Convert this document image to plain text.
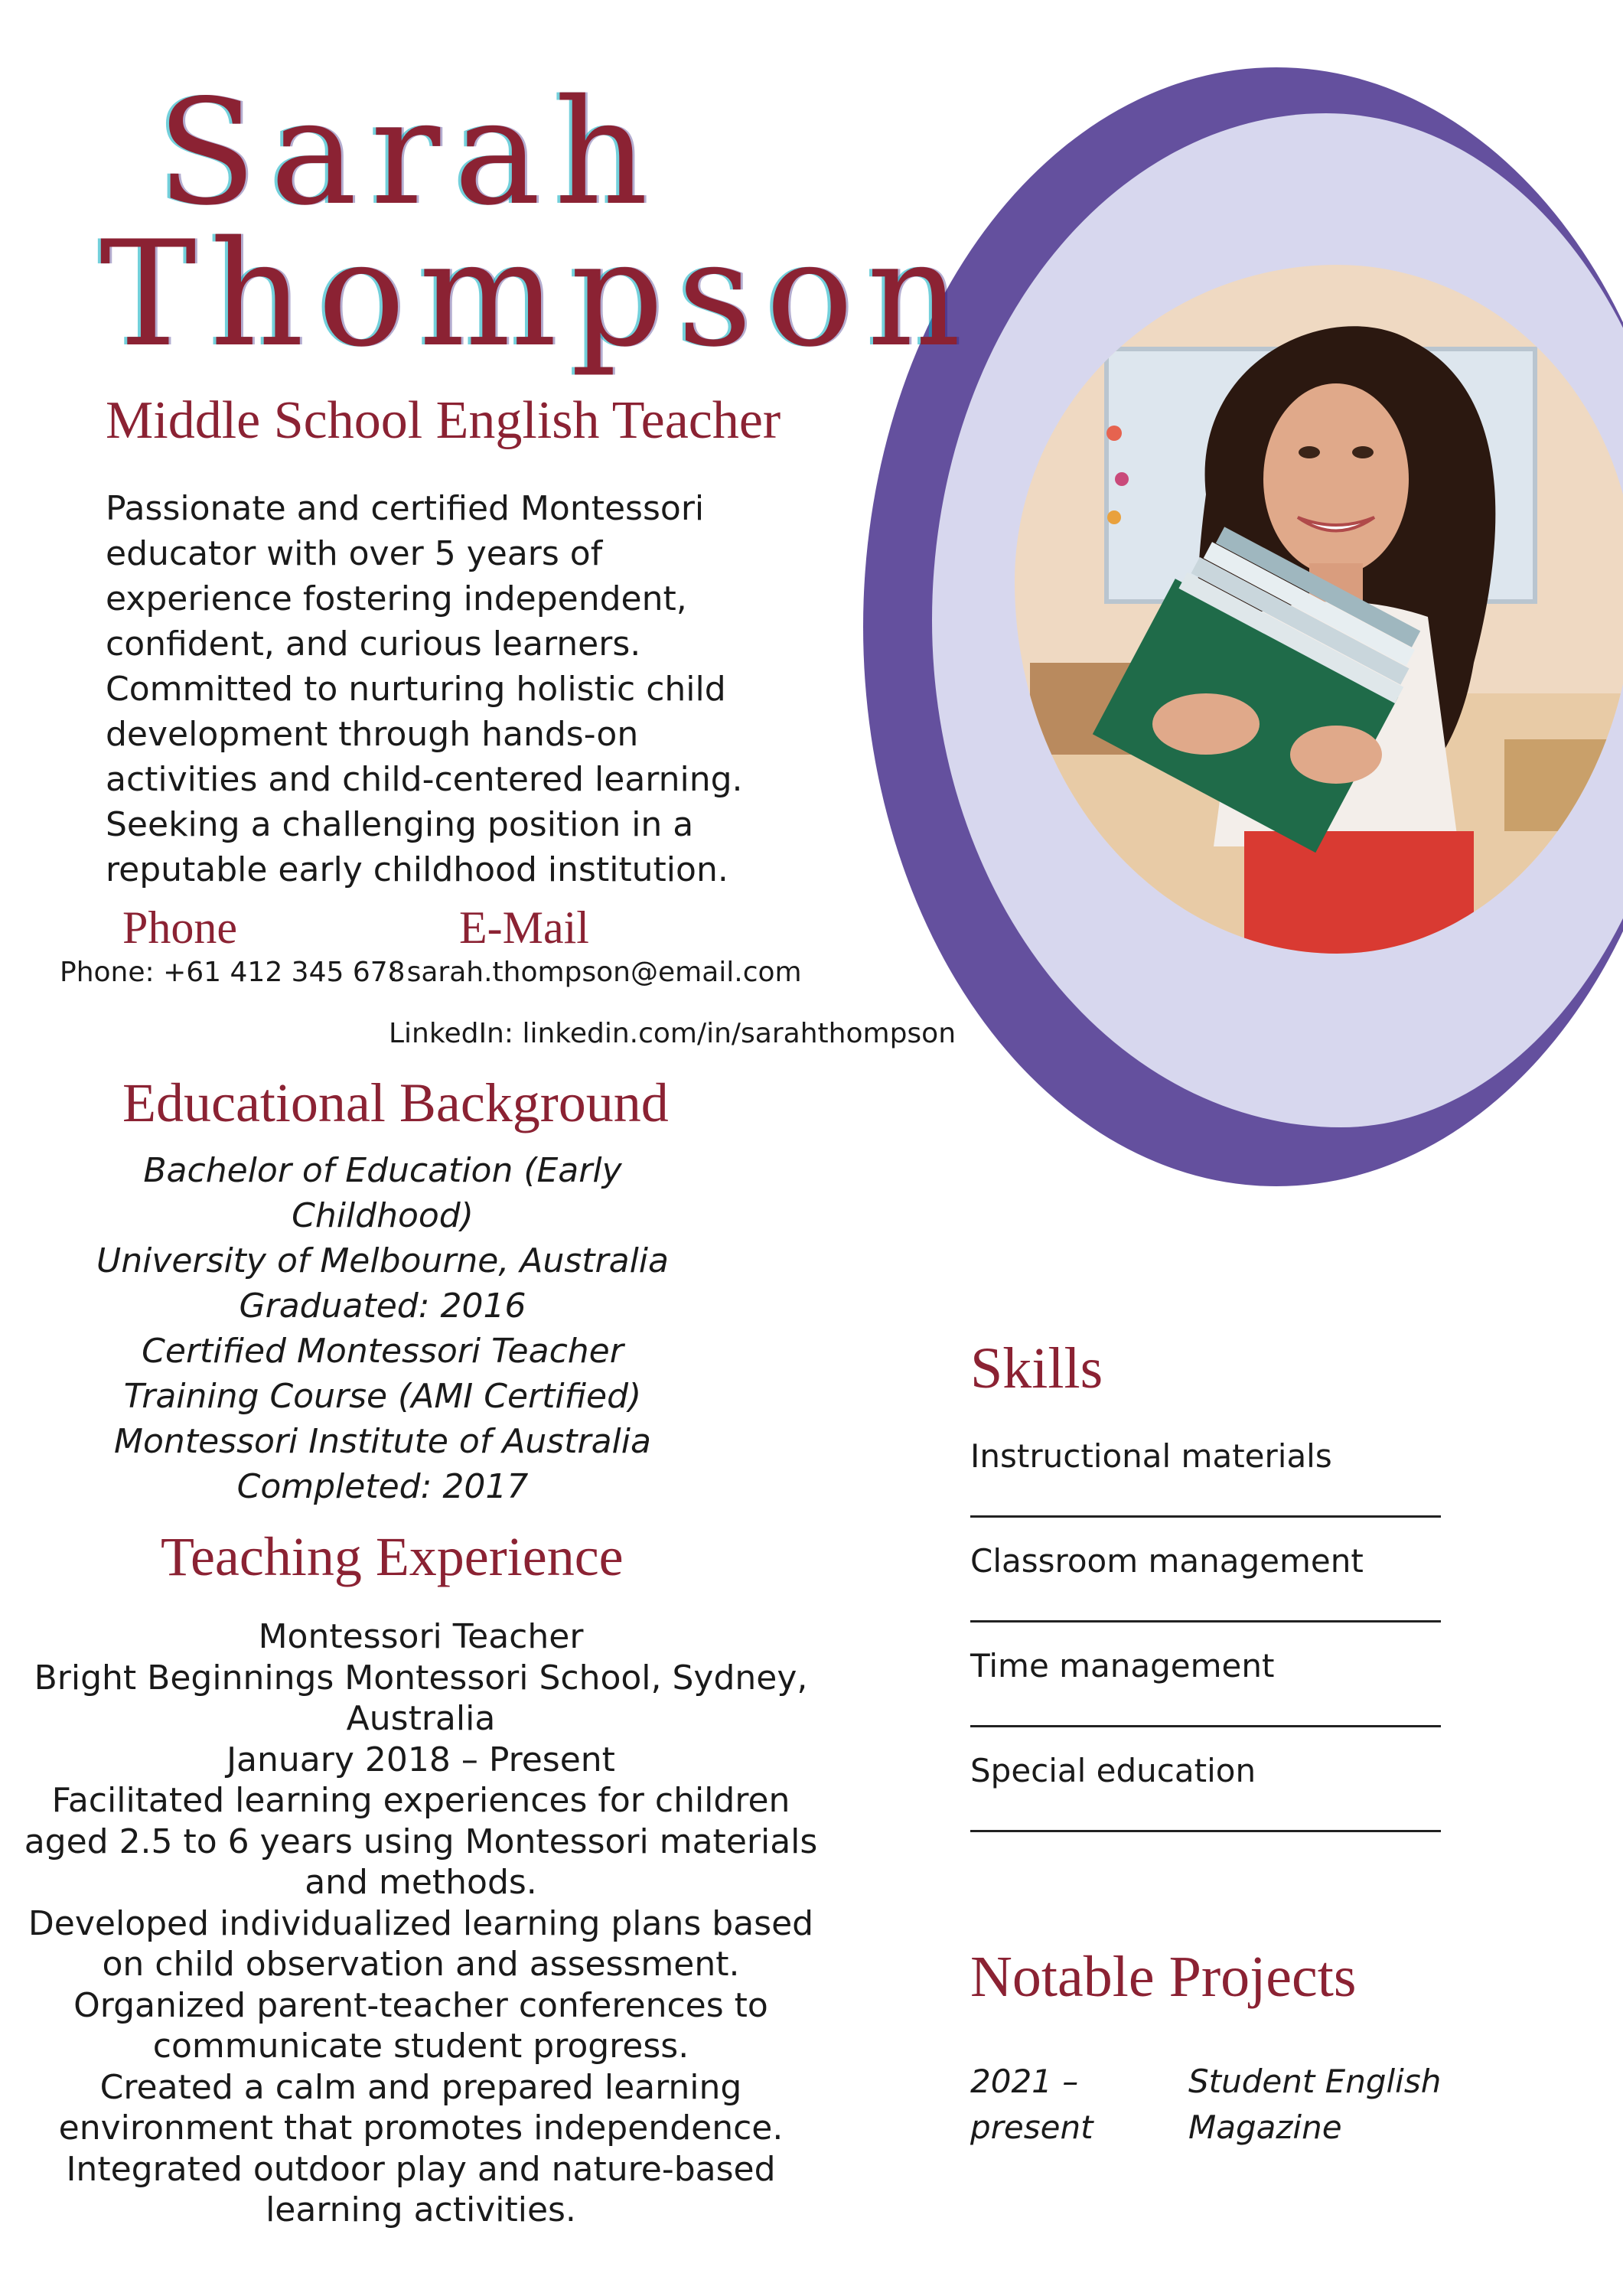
Sarah
Thompson
Middle School English Teacher
Passionate and certified Montessori educator with over 5 years of experience fostering independent, confident, and curious learners. Committed to nurturing holistic child development through hands-on activities and child-centered learning. Seeking a challenging position in a reputable early childhood institution.
Phone	E-Mail
Phone: +61 412 345 678
: sarah.thompson@email.com
LinkedIn: linkedin.com/in/sarahthompson
Educational Background
Bachelor of Education (Early
Childhood)
University of Melbourne, Australia
Graduated: 2016
Certified Montessori Teacher
Training Course (AMI Certified)
Montessori Institute of Australia
Completed: 2017
Teaching Experience
Montessori Teacher
Bright Beginnings Montessori School, Sydney,
Australia
January 2018 – Present
Facilitated learning experiences for children
aged 2.5 to 6 years using Montessori materials
and methods.
Developed individualized learning plans based
on child observation and assessment.
Organized parent-teacher conferences to
communicate student progress.
Created a calm and prepared learning
environment that promotes independence.
Integrated outdoor play and nature-based
learning activities.
Skills
Instructional materials
Classroom management
Time management
Special education
Notable Projects
2021 –
present
Student English
Magazine
